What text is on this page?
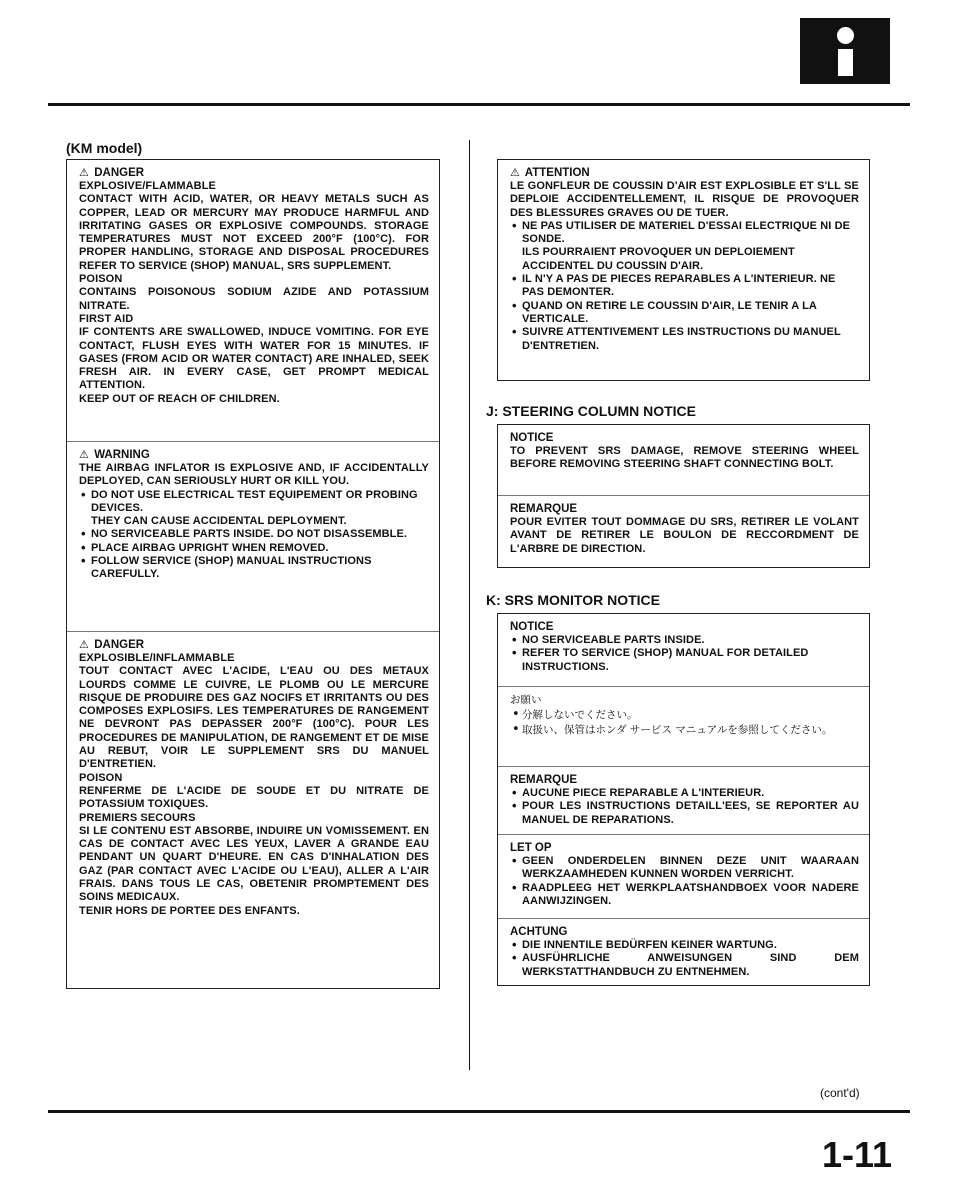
(KM model)
⚠ DANGER
EXPLOSIVE/FLAMMABLE
CONTACT WITH ACID, WATER, OR HEAVY METALS SUCH AS COPPER, LEAD OR MERCURY MAY PRODUCE HARMFUL AND IRRITATING GASES OR EXPLOSIVE COMPOUNDS. STORAGE TEMPERATURES MUST NOT EXCEED 200°F (100°C). FOR PROPER HANDLING, STORAGE AND DISPOSAL PROCEDURES REFER TO SERVICE (SHOP) MANUAL, SRS SUPPLEMENT.
POISON
CONTAINS POISONOUS SODIUM AZIDE AND POTASSIUM NITRATE.
FIRST AID
IF CONTENTS ARE SWALLOWED, INDUCE VOMITING. FOR EYE CONTACT, FLUSH EYES WITH WATER FOR 15 MINUTES. IF GASES (FROM ACID OR WATER CONTACT) ARE INHALED, SEEK FRESH AIR. IN EVERY CASE, GET PROMPT MEDICAL ATTENTION.
KEEP OUT OF REACH OF CHILDREN.
⚠ WARNING
THE AIRBAG INFLATOR IS EXPLOSIVE AND, IF ACCIDENTALLY DEPLOYED, CAN SERIOUSLY HURT OR KILL YOU.
• DO NOT USE ELECTRICAL TEST EQUIPEMENT OR PROBING DEVICES.
THEY CAN CAUSE ACCIDENTAL DEPLOYMENT.
• NO SERVICEABLE PARTS INSIDE. DO NOT DISASSEMBLE.
• PLACE AIRBAG UPRIGHT WHEN REMOVED.
• FOLLOW SERVICE (SHOP) MANUAL INSTRUCTIONS CAREFULLY.
⚠ DANGER
EXPLOSIBLE/INFLAMMABLE
TOUT CONTACT AVEC L'ACIDE, L'EAU OU DES METAUX LOURDS COMME LE CUIVRE, LE PLOMB OU LE MERCURE RISQUE DE PRODUIRE DES GAZ NOCIFS ET IRRITANTS OU DES COMPOSES EXPLOSIFS. LES TEMPERATURES DE RANGEMENT NE DEVRONT PAS DEPASSER 200°F (100°C). POUR LES PROCEDURES DE MANIPULATION, DE RANGEMENT ET DE MISE AU REBUT, VOIR LE SUPPLEMENT SRS DU MANUEL D'ENTRETIEN.
POISON
RENFERME DE L'ACIDE DE SOUDE ET DU NITRATE DE POTASSIUM TOXIQUES.
PREMIERS SECOURS
SI LE CONTENU EST ABSORBE, INDUIRE UN VOMISSEMENT. EN CAS DE CONTACT AVEC LES YEUX, LAVER A GRANDE EAU PENDANT UN QUART D'HEURE. EN CAS D'INHALATION DES GAZ (PAR CONTACT AVEC L'ACIDE OU L'EAU), ALLER A L'AIR FRAIS. DANS TOUS LE CAS, OBETENIR PROMPTEMENT DES SOINS MEDICAUX.
TENIR HORS DE PORTEE DES ENFANTS.
⚠ ATTENTION
LE GONFLEUR DE COUSSIN D'AIR EST EXPLOSIBLE ET S'LL SE DEPLOIE ACCIDENTELLEMENT, IL RISQUE DE PROVOQUER DES BLESSURES GRAVES OU DE TUER.
• NE PAS UTILISER DE MATERIEL D'ESSAI ELECTRIQUE NI DE SONDE.
ILS POURRAIENT PROVOQUER UN DEPLOIEMENT ACCIDENTEL DU COUSSIN D'AIR.
• IL N'Y A PAS DE PIECES REPARABLES A L'INTERIEUR. NE PAS DEMONTER.
• QUAND ON RETIRE LE COUSSIN D'AIR, LE TENIR A LA VERTICALE.
• SUIVRE ATTENTIVEMENT LES INSTRUCTIONS DU MANUEL D'ENTRETIEN.
J: STEERING COLUMN NOTICE
NOTICE
TO PREVENT SRS DAMAGE, REMOVE STEERING WHEEL BEFORE REMOVING STEERING SHAFT CONNECTING BOLT.
REMARQUE
POUR EVITER TOUT DOMMAGE DU SRS, RETIRER LE VOLANT AVANT DE RETIRER LE BOULON DE RECCORDMENT DE L'ARBRE DE DIRECTION.
K: SRS MONITOR NOTICE
NOTICE
• NO SERVICEABLE PARTS INSIDE.
• REFER TO SERVICE (SHOP) MANUAL FOR DETAILED INSTRUCTIONS.
お願い
• 分解しないでください。
• 取扱い、保管はホンダ サービス マニュアルを参照してください。
REMARQUE
• AUCUNE PIECE REPARABLE A L'INTERIEUR.
• POUR LES INSTRUCTIONS DETAILL'EES, SE REPORTER AU MANUEL DE REPARATIONS.
LET OP
• GEEN ONDERDELEN BINNEN DEZE UNIT WAARAAN WERKZAAMHEDEN KUNNEN WORDEN VERRICHT.
• RAADPLEEG HET WERKPLAATSHANDBOEX VOOR NADERE AANWIJZINGEN.
ACHTUNG
• DIE INNENTILE BEDÜRFEN KEINER WARTUNG.
• AUSFÜHRLICHE ANWEISUNGEN SIND DEM WERKSTATTHANDBUCH ZU ENTNEHMEN.
(cont'd)
1-11
